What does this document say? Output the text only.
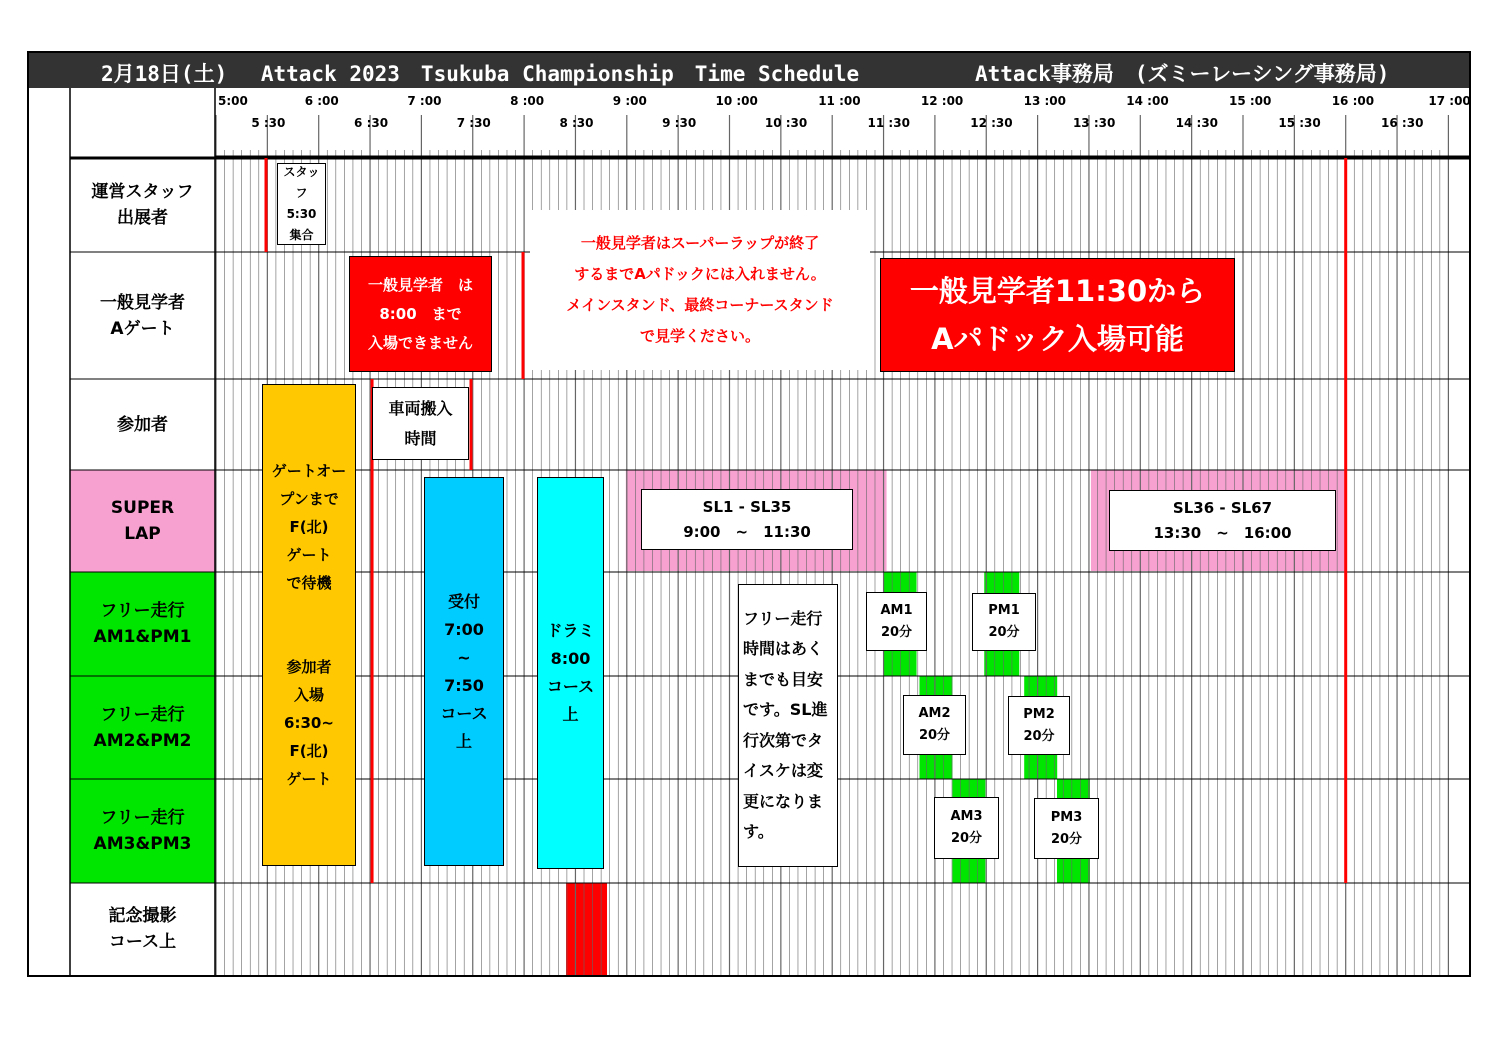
2月18日(土)　 Attack 2023　Tsukuba Championship　Time Schedule	Attack事務局　(ズミーレーシング事務局)
運営スタッフ
出展者
一般見学者
Aゲート
参加者
SUPER
LAP
フリー走行
AM1&PM1
フリー走行
AM2&PM2
フリー走行
AM3&PM3
記念撮影
コース上
5:00	6 :00	7 :00	8 :00	9 :00	10 :00	11 :00	12 :00	13 :00	14 :00	15 :00	16 :00	17 :00
5 :30	6 :30	7 :30	8 :30	9 :30	10 :30	11 :30	12 :30	13 :30	14 :30	15 :30	16 :30
スタッフ
5:30
集合
一般見学者　は
8:00　まで
入場できません
一般見学者はスーパーラップが終了
するまでAパドックには入れません。
メインスタンド、最終コーナースタンド
で見学ください。
一般見学者11:30から
Aパドック入場可能
車両搬入
時間
ゲートオー
プンまで
F(北)
ゲート
で待機

参加者
入場
6:30~
F(北)
ゲート
受付
7:00
~
7:50
コース
上
ドラミ
8:00
コース
上
SL1 - SL35
9:00　~　11:30
SL36 - SL67
13:30　~　16:00
フリー走行
時間はあく
までも目安
です。SL進
行次第でタ
イスケは変
更になりま
す。
AM1
20分
PM1
20分
AM2
20分
PM2
20分
AM3
20分
PM3
20分
